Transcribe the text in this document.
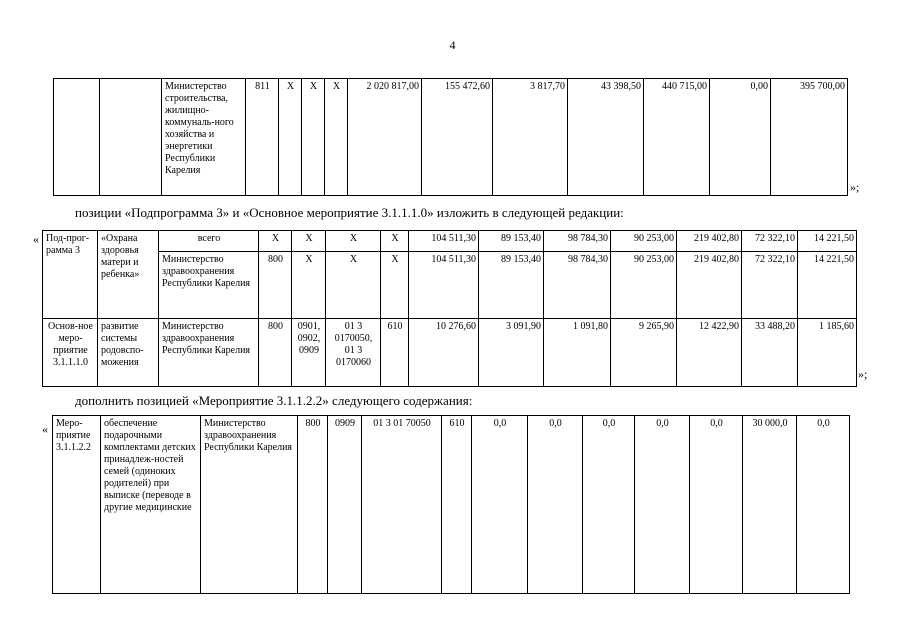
4
		Министерство строительства, жилищно-коммуналь-ного хозяйства и энергетики Республики Карелия	811	X	X	X	2 020 817,00	155 472,60	3 817,70	43 398,50	440 715,00	0,00	395 700,00
»;
позиции «Подпрограмма 3» и «Основное мероприятие 3.1.1.1.0» изложить в следующей редакции:
« Под-прог-рамма 3	«Охрана здоровья матери и ребенка»	всего	X	X	X	X	104 511,30	89 153,40	98 784,30	90 253,00	219 402,80	72 322,10	14 221,50
		Министерство здравоохранения Республики Карелия	800	X	X	X	104 511,30	89 153,40	98 784,30	90 253,00	219 402,80	72 322,10	14 221,50
Основ-ное меро-приятие 3.1.1.1.0	развитие системы родовспо-можения	Министерство здравоохранения Республики Карелия	800	0901, 0902, 0909	01 3 0170050, 01 3 0170060	610	10 276,60	3 091,90	1 091,80	9 265,90	12 422,90	33 488,20	1 185,60
»;
дополнить позицией «Мероприятие 3.1.1.2.2» следующего содержания:
« Меро-приятие 3.1.1.2.2	обеспечение подарочными комплектами детских принадлеж-ностей семей (одиноких родителей) при выписке (переводе в другие медицинские	Министерство здравоохранения Республики Карелия	800	0909	01 3 01 70050	610	0,0	0,0	0,0	0,0	0,0	30 000,0	0,0
